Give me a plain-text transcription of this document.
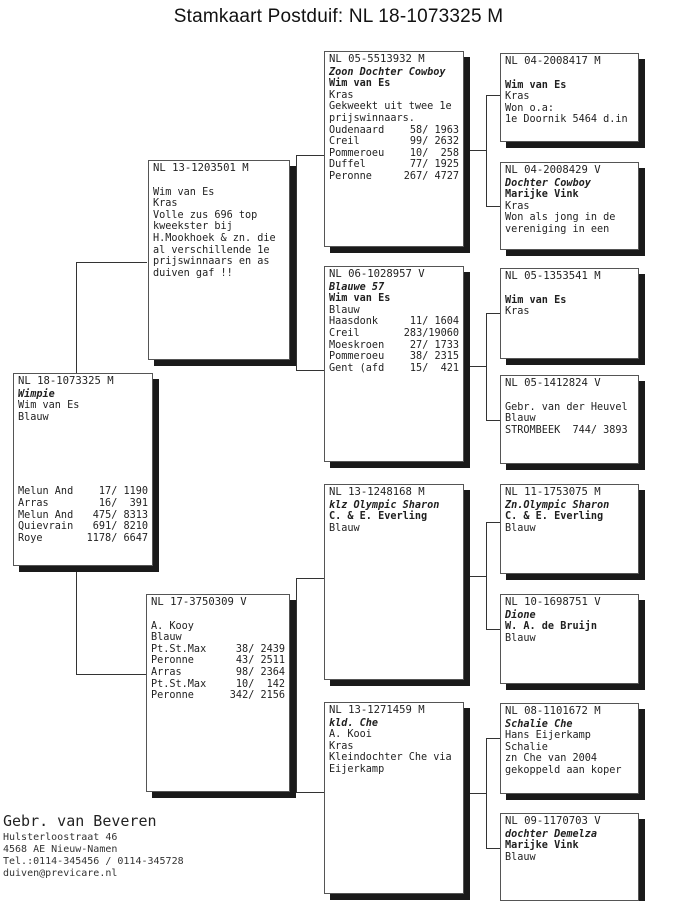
Stamkaart Postduif: NL 18-1073325 M
NL 18-1073325 M
Wimpie
Wim van Es
Blauw
Melun And	17/ 1190
Arras	16/  391
Melun And	475/ 8313
Quievrain	691/ 8210
Roye	1178/ 6647
NL 13-1203501 M
Wim van Es
Kras
Volle zus 696 top
kweekster bij
H.Mookhoek & zn. die
al verschillende 1e
prijswinnaars en as
duiven gaf !!
NL 17-3750309 V
A. Kooy
Blauw
Pt.St.Max	38/ 2439
Peronne	43/ 2511
Arras	98/ 2364
Pt.St.Max	10/  142
Peronne	342/ 2156
NL 05-5513932 M
Zoon Dochter Cowboy
Wim van Es
Kras
Gekweekt uit twee 1e
prijswinnaars.
Oudenaard	58/ 1963
Creil	99/ 2632
Pommeroeu	10/  258
Duffel	77/ 1925
Peronne	267/ 4727
NL 06-1028957 V
Blauwe 57
Wim van Es
Blauw
Haasdonk	11/ 1604
Creil	283/19060
Moeskroen	27/ 1733
Pommeroeu	38/ 2315
Gent (afd	15/  421
NL 13-1248168 M
klz Olympic Sharon
C. & E. Everling
Blauw
NL 13-1271459 M
kld. Che
A. Kooi
Kras
Kleindochter Che via
Eijerkamp
NL 04-2008417 M
Wim van Es
Kras
Won o.a:
1e Doornik 5464 d.in
NL 04-2008429 V
Dochter Cowboy
Marijke Vink
Kras
Won als jong in de
vereniging in een
NL 05-1353541 M
Wim van Es
Kras
NL 05-1412824 V
Gebr. van der Heuvel
Blauw
STROMBEEK  744/ 3893
NL 11-1753075 M
Zn.Olympic Sharon
C. & E. Everling
Blauw
NL 10-1698751 V
Dione
W. A. de Bruijn
Blauw
NL 08-1101672 M
Schalie Che
Hans Eijerkamp
Schalie
zn Che van 2004
gekoppeld aan koper
NL 09-1170703 V
dochter Demelza
Marijke Vink
Blauw
Gebr. van Beveren
Hulsterloostraat 46
4568 AE Nieuw-Namen
Tel.:0114-345456 / 0114-345728
duiven@previcare.nl
